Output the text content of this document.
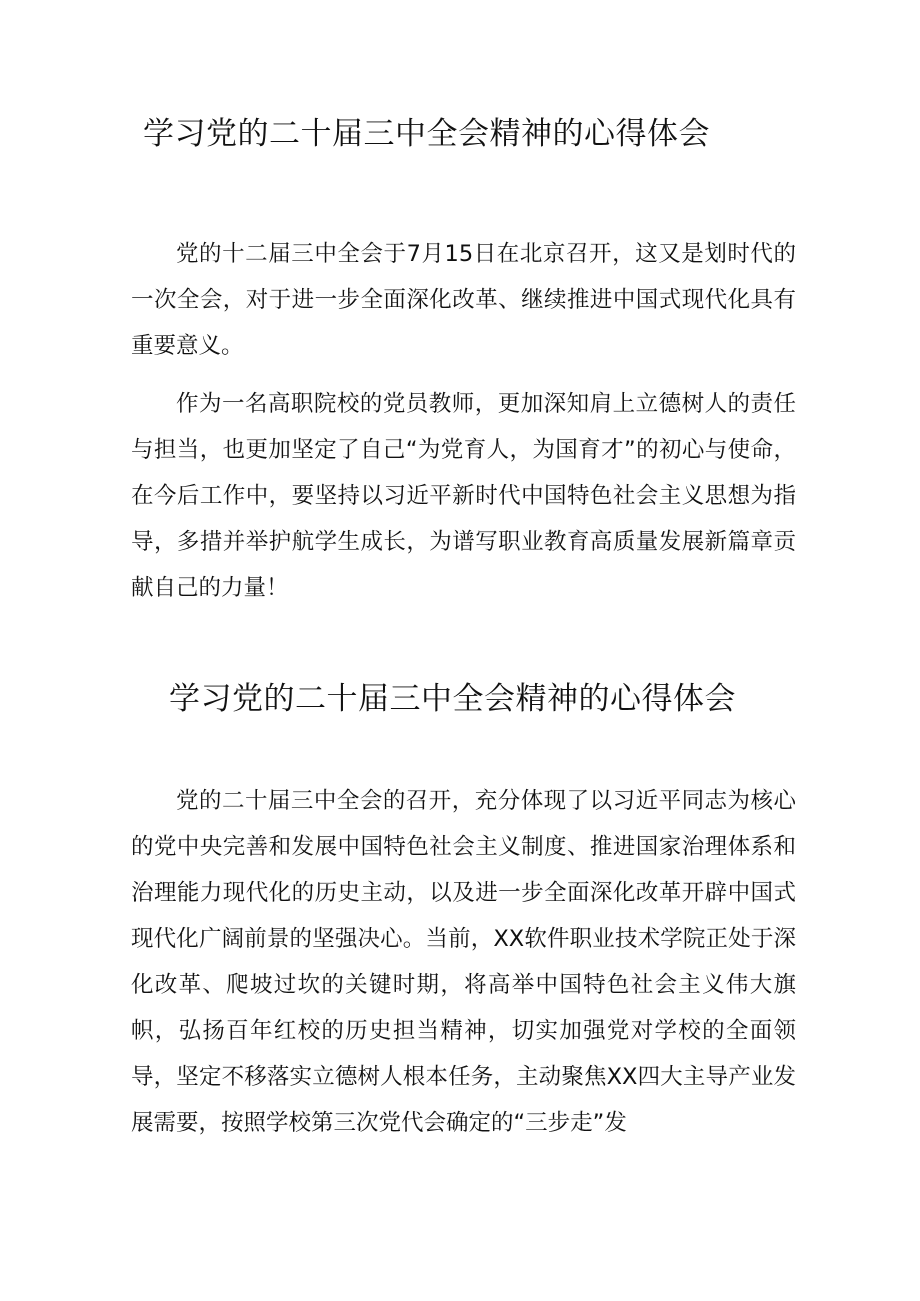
学习党的二十届三中全会精神的心得体会

党的十二届三中全会于7月15日在北京召开，这又是划时代的一次全会，对于进一步全面深化改革、继续推进中国式现代化具有重要意义。

作为一名高职院校的党员教师，更加深知肩上立德树人的责任与担当，也更加坚定了自己“为党育人，为国育才”的初心与使命，在今后工作中，要坚持以习近平新时代中国特色社会主义思想为指导，多措并举护航学生成长，为谱写职业教育高质量发展新篇章贡献自己的力量！

学习党的二十届三中全会精神的心得体会

党的二十届三中全会的召开，充分体现了以习近平同志为核心的党中央完善和发展中国特色社会主义制度、推进国家治理体系和治理能力现代化的历史主动，以及进一步全面深化改革开辟中国式现代化广阔前景的坚强决心。当前，XX软件职业技术学院正处于深化改革、爬坡过坎的关键时期，将高举中国特色社会主义伟大旗帜，弘扬百年红校的历史担当精神，切实加强党对学校的全面领导，坚定不移落实立德树人根本任务，主动聚焦XX四大主导产业发展需要，按照学校第三次党代会确定的“三步走”发
